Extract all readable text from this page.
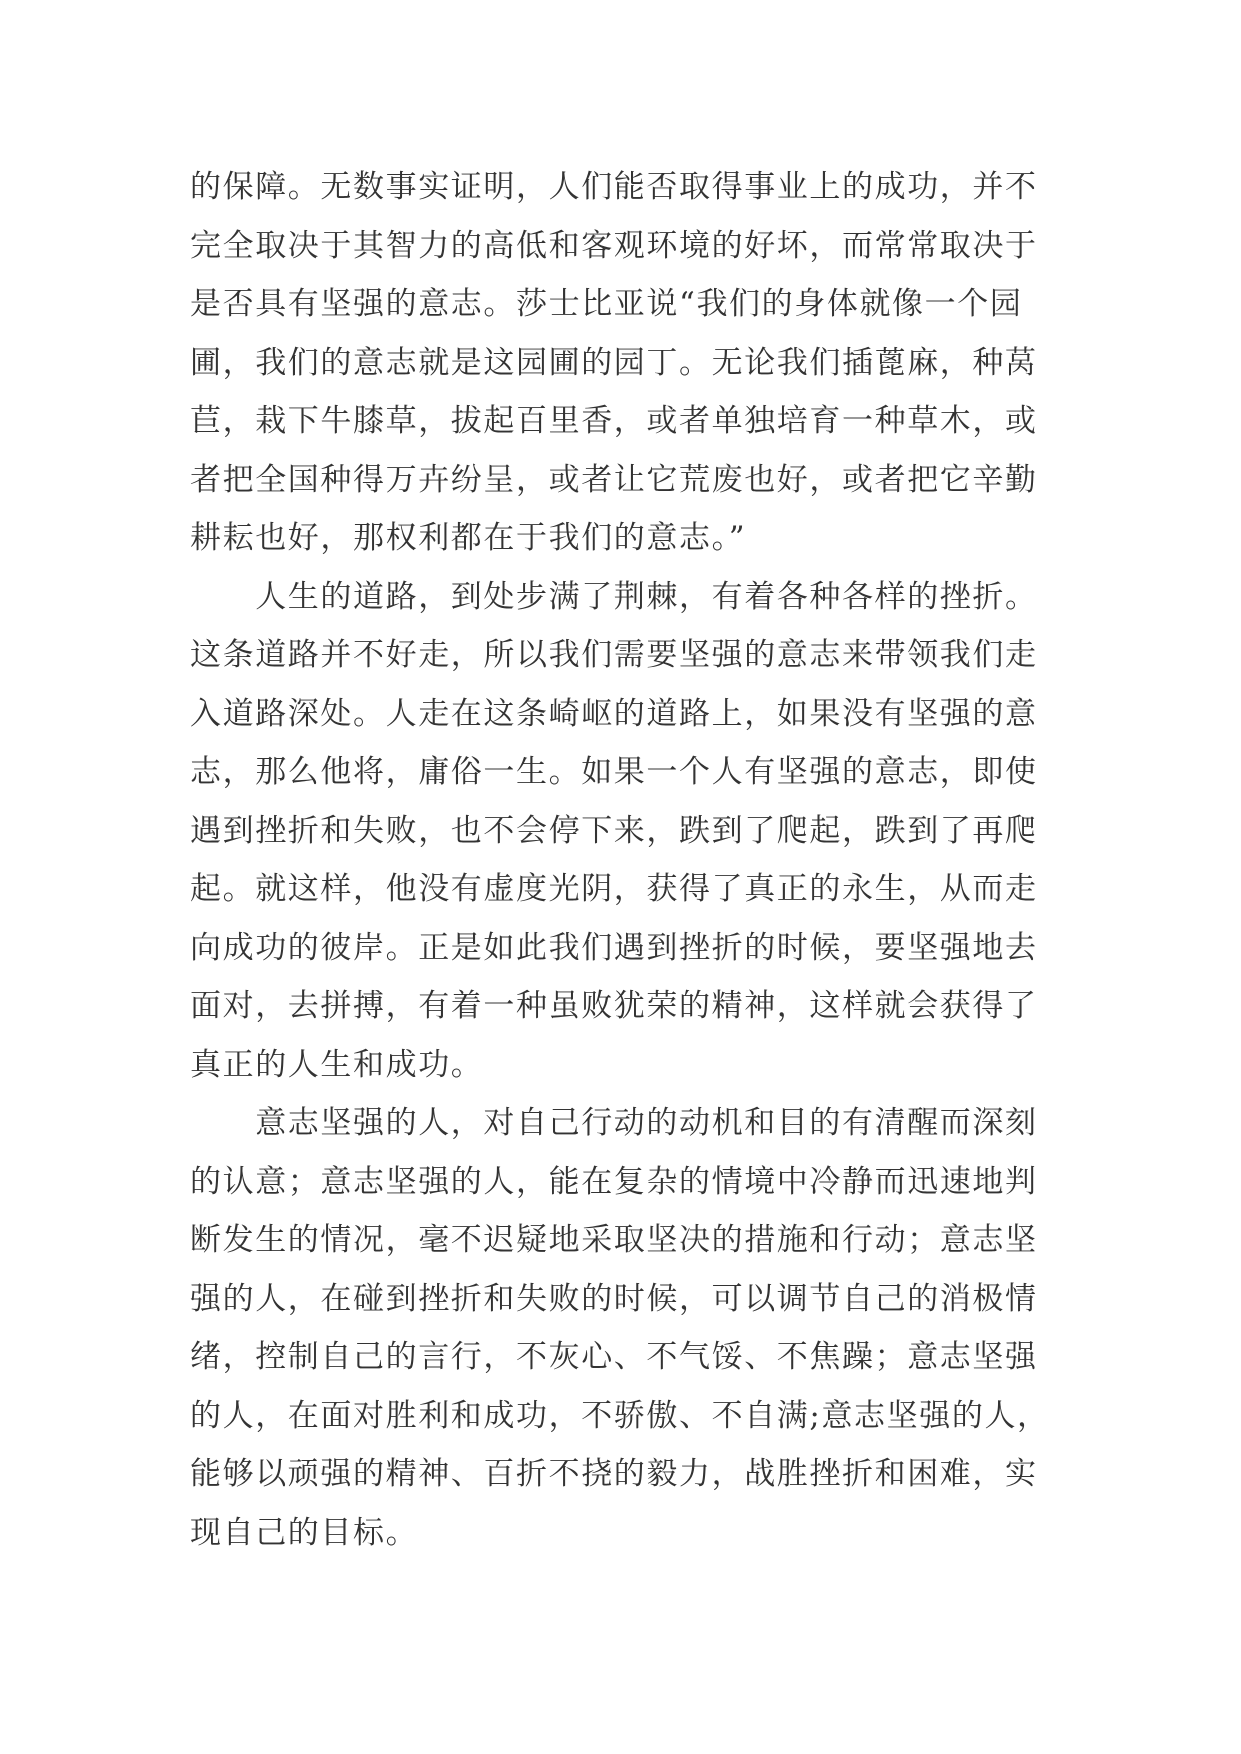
的保障。无数事实证明，人们能否取得事业上的成功，并不
完全取决于其智力的高低和客观环境的好坏，而常常取决于
是否具有坚强的意志。莎士比亚说“我们的身体就像一个园
圃，我们的意志就是这园圃的园丁。无论我们插蓖麻，种莴
苣，栽下牛膝草，拔起百里香，或者单独培育一种草木，或
者把全国种得万卉纷呈，或者让它荒废也好，或者把它辛勤
耕耘也好，那权利都在于我们的意志。”
　　人生的道路，到处步满了荆棘，有着各种各样的挫折。
这条道路并不好走，所以我们需要坚强的意志来带领我们走
入道路深处。人走在这条崎岖的道路上，如果没有坚强的意
志，那么他将，庸俗一生。如果一个人有坚强的意志，即使
遇到挫折和失败，也不会停下来，跌到了爬起，跌到了再爬
起。就这样，他没有虚度光阴，获得了真正的永生，从而走
向成功的彼岸。正是如此我们遇到挫折的时候，要坚强地去
面对，去拼搏，有着一种虽败犹荣的精神，这样就会获得了
真正的人生和成功。
　　意志坚强的人，对自己行动的动机和目的有清醒而深刻
的认意；意志坚强的人，能在复杂的情境中冷静而迅速地判
断发生的情况，毫不迟疑地采取坚决的措施和行动；意志坚
强的人，在碰到挫折和失败的时候，可以调节自己的消极情
绪，控制自己的言行，不灰心、不气馁、不焦躁；意志坚强
的人，在面对胜利和成功，不骄傲、不自满;意志坚强的人，
能够以顽强的精神、百折不挠的毅力，战胜挫折和困难，实
现自己的目标。
